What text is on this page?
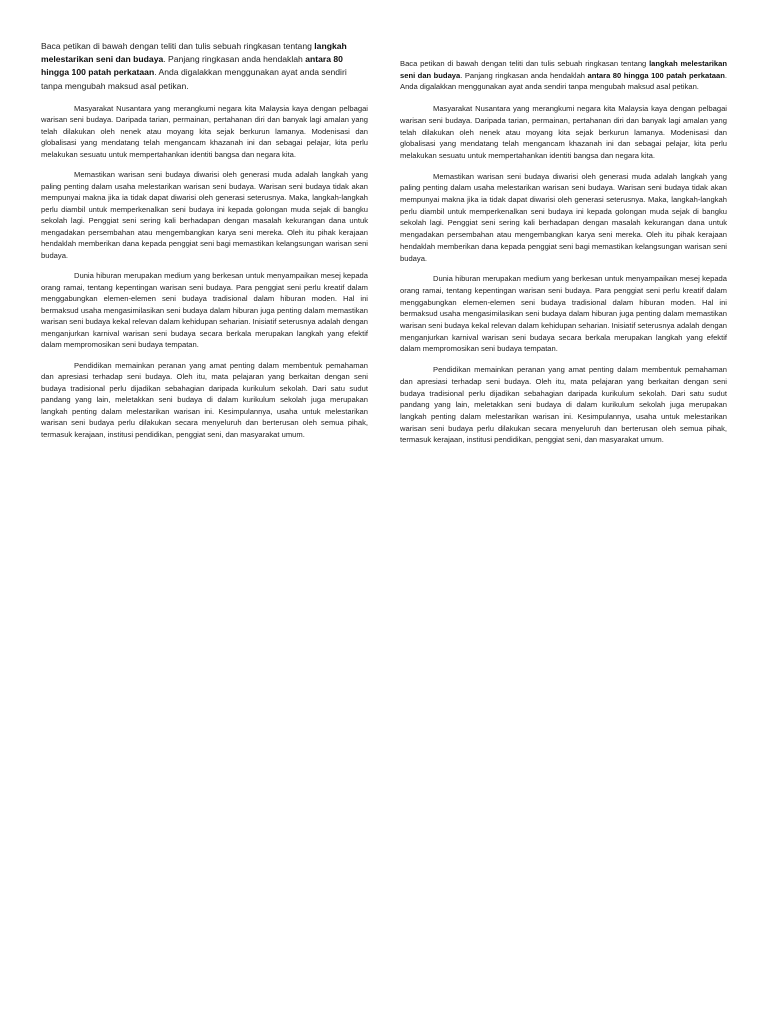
Baca petikan di bawah dengan teliti dan tulis sebuah ringkasan tentang langkah melestarikan seni dan budaya. Panjang ringkasan anda hendaklah antara 80 hingga 100 patah perkataan. Anda digalakkan menggunakan ayat anda sendiri tanpa mengubah maksud asal petikan.

Masyarakat Nusantara yang merangkumi negara kita Malaysia kaya dengan pelbagai warisan seni budaya. Daripada tarian, permainan, pertahanan diri dan banyak lagi amalan yang telah dilakukan oleh nenek atau moyang kita sejak berkurun lamanya. Modenisasi dan globalisasi yang mendatang telah mengancam khazanah ini dan sebagai pelajar, kita perlu melakukan sesuatu untuk mempertahankan identiti bangsa dan negara kita.

Memastikan warisan seni budaya diwarisi oleh generasi muda adalah langkah yang paling penting dalam usaha melestarikan warisan seni budaya. Warisan seni budaya tidak akan mempunyai makna jika ia tidak dapat diwarisi oleh generasi seterusnya. Maka, langkah-langkah perlu diambil untuk memperkenalkan seni budaya ini kepada golongan muda sejak di bangku sekolah lagi. Penggiat seni sering kali berhadapan dengan masalah kekurangan dana untuk mengadakan persembahan atau mengembangkan karya seni mereka. Oleh itu pihak kerajaan hendaklah memberikan dana kepada penggiat seni bagi memastikan kelangsungan warisan seni budaya.

Dunia hiburan merupakan medium yang berkesan untuk menyampaikan mesej kepada orang ramai, tentang kepentingan warisan seni budaya. Para penggiat seni perlu kreatif dalam menggabungkan elemen-elemen seni budaya tradisional dalam hiburan moden. Hal ini bermaksud usaha mengasimilasikan seni budaya dalam hiburan juga penting dalam memastikan warisan seni budaya kekal relevan dalam kehidupan seharian. Inisiatif seterusnya adalah dengan menganjurkan karnival warisan seni budaya secara berkala merupakan langkah yang efektif dalam mempromosikan seni budaya tempatan.

Pendidikan memainkan peranan yang amat penting dalam membentuk pemahaman dan apresiasi terhadap seni budaya. Oleh itu, mata pelajaran yang berkaitan dengan seni budaya tradisional perlu dijadikan sebahagian daripada kurikulum sekolah. Dari satu sudut pandang yang lain, meletakkan seni budaya di dalam kurikulum sekolah juga merupakan langkah penting dalam melestarikan warisan ini. Kesimpulannya, usaha untuk melestarikan warisan seni budaya perlu dilakukan secara menyeluruh dan berterusan oleh semua pihak, termasuk kerajaan, institusi pendidikan, penggiat seni, dan masyarakat umum.

Baca petikan di bawah dengan teliti dan tulis sebuah ringkasan tentang langkah melestarikan seni dan budaya. Panjang ringkasan anda hendaklah antara 80 hingga 100 patah perkataan. Anda digalakkan menggunakan ayat anda sendiri tanpa mengubah maksud asal petikan.

Masyarakat Nusantara yang merangkumi negara kita Malaysia kaya dengan pelbagai warisan seni budaya. Daripada tarian, permainan, pertahanan diri dan banyak lagi amalan yang telah dilakukan oleh nenek atau moyang kita sejak berkurun lamanya. Modenisasi dan globalisasi yang mendatang telah mengancam khazanah ini dan sebagai pelajar, kita perlu melakukan sesuatu untuk mempertahankan identiti bangsa dan negara kita.

Memastikan warisan seni budaya diwarisi oleh generasi muda adalah langkah yang paling penting dalam usaha melestarikan warisan seni budaya. Warisan seni budaya tidak akan mempunyai makna jika ia tidak dapat diwarisi oleh generasi seterusnya. Maka, langkah-langkah perlu diambil untuk memperkenalkan seni budaya ini kepada golongan muda sejak di bangku sekolah lagi. Penggiat seni sering kali berhadapan dengan masalah kekurangan dana untuk mengadakan persembahan atau mengembangkan karya seni mereka. Oleh itu pihak kerajaan hendaklah memberikan dana kepada penggiat seni bagi memastikan kelangsungan warisan seni budaya.

Dunia hiburan merupakan medium yang berkesan untuk menyampaikan mesej kepada orang ramai, tentang kepentingan warisan seni budaya. Para penggiat seni perlu kreatif dalam menggabungkan elemen-elemen seni budaya tradisional dalam hiburan moden. Hal ini bermaksud usaha mengasimilasikan seni budaya dalam hiburan juga penting dalam memastikan warisan seni budaya kekal relevan dalam kehidupan seharian. Inisiatif seterusnya adalah dengan menganjurkan karnival warisan seni budaya secara berkala merupakan langkah yang efektif dalam mempromosikan seni budaya tempatan.

Pendidikan memainkan peranan yang amat penting dalam membentuk pemahaman dan apresiasi terhadap seni budaya. Oleh itu, mata pelajaran yang berkaitan dengan seni budaya tradisional perlu dijadikan sebahagian daripada kurikulum sekolah. Dari satu sudut pandang yang lain, meletakkan seni budaya di dalam kurikulum sekolah juga merupakan langkah penting dalam melestarikan warisan ini. Kesimpulannya, usaha untuk melestarikan warisan seni budaya perlu dilakukan secara menyeluruh dan berterusan oleh semua pihak, termasuk kerajaan, institusi pendidikan, penggiat seni, dan masyarakat umum.
